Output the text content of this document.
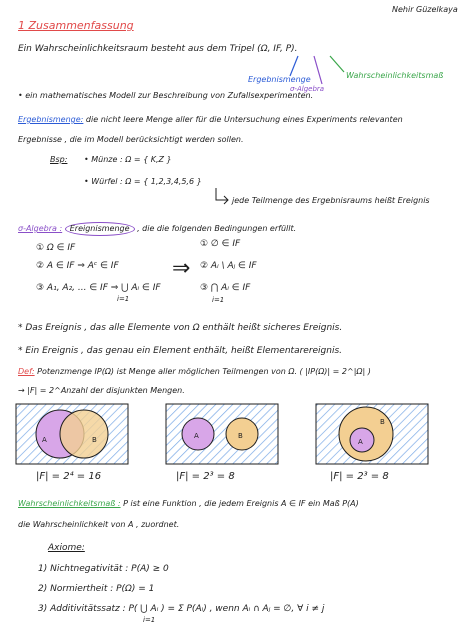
Nehir Güzelkaya
1 Zusammenfassung
Ein Wahrscheinlichkeitsraum besteht aus dem Tripel (Ω, IF, P).
Ergebnismenge
σ-Algebra
Wahrscheinlichkeitsmaß
• ein mathematisches Modell zur Beschreibung von Zufallsexperimenten.
Ergebnismenge: die nicht leere Menge aller für die Untersuchung eines Experiments relevanten
Ergebnisse , die im Modell berücksichtigt werden sollen.
Bsp: • Münze : Ω = { K,Z }
• Würfel : Ω = { 1,2,3,4,5,6 }
jede Teilmenge des Ergebnisraums heißt Ereignis
σ-Algebra : Ereignismenge , die die folgenden Bedingungen erfüllt.
① Ω ∈ IF
② A ∈ IF ⇒ Aᶜ ∈ IF
③ A₁, A₂, ... ∈ IF ⇒ ⋃ Aᵢ ∈ IF
i=1
⇒
① ∅ ∈ IF
② Aᵢ \ Aⱼ ∈ IF
③ ⋂ Aᵢ ∈ IF
i=1
* Das Ereignis , das alle Elemente von Ω enthält heißt sicheres Ereignis.
* Ein Ereignis , das genau ein Element enthält, heißt Elementarereignis.
Def: Potenzmenge IP(Ω) ist Menge aller möglichen Teilmengen von Ω. ( |IP(Ω)| = 2^|Ω| )
→ |F| = 2^Anzahl der disjunkten Mengen.
A	B	A	B
A
B
|F| = 2⁴ = 16	|F| = 2³ = 8	|F| = 2³ = 8
Wahrscheinlichkeitsmaß : P ist eine Funktion , die jedem Ereignis A ∈ IF ein Maß P(A)
die Wahrscheinlichkeit von A , zuordnet.
Axiome:
1) Nichtnegativität : P(A) ≥ 0
2) Normiertheit : P(Ω) = 1
3) Additivitätssatz : P( ⋃ Aᵢ ) = Σ P(Aᵢ) , wenn Aᵢ ∩ Aⱼ = ∅, ∀ i ≠ j
i=1
